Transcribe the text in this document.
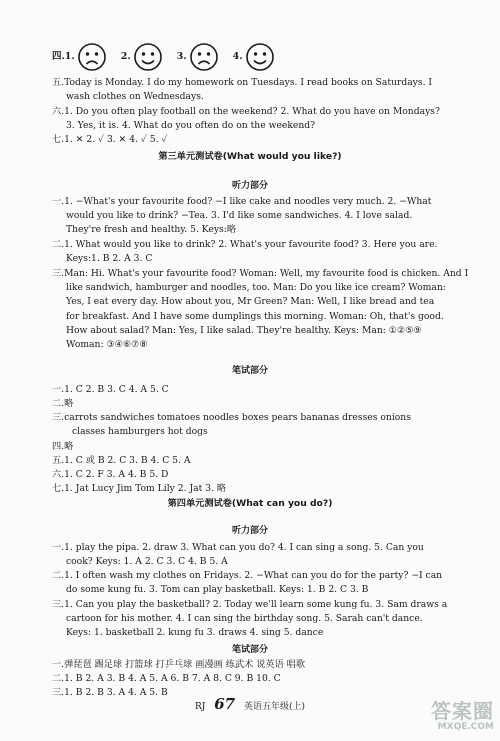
四.1.	2.	3.	4.
五.Today is Monday. I do my homework on Tuesdays. I read books on Saturdays. I
wash clothes on Wednesdays.
六.1. Do you often play football on the weekend? 2. What do you have on Mondays?
3. Yes, it is. 4. What do you often do on the weekend?
七.1. ✕ 2. ✓ 3. ✕ 4. ✓ 5. ✓
第三单元测试卷(What would you like?)
听力部分
一.1. −What's your favourite food? −I like cake and noodles very much. 2. −What
would you like to drink? −Tea. 3. I'd like some sandwiches. 4. I love salad.
They're fresh and healthy. 5. Keys:略
二.1. What would you like to drink? 2. What's your favourite food? 3. Here you are.
Keys:1. B 2. A 3. C
三.Man: Hi. What's your favourite food? Woman: Well, my favourite food is chicken. And I
like sandwich, hamburger and noodles, too. Man: Do you like ice cream? Woman:
Yes, I eat every day. How about you, Mr Green? Man: Well, I like bread and tea
for breakfast. And I have some dumplings this morning. Woman: Oh, that's good.
How about salad? Man: Yes, I like salad. They're healthy. Keys: Man: ①②⑤⑨
Woman: ③④⑥⑦⑧
笔试部分
一.1. C 2. B 3. C 4. A 5. C
二.略
三.carrots sandwiches tomatoes noodles boxes pears bananas dresses onions
classes hamburgers hot dogs
四.略
五.1. C 或 B 2. C 3. B 4. C 5. A
六.1. C 2. F 3. A 4. B 5. D
七.1. Jat Lucy Jim Tom Lily 2. Jat 3. 略
第四单元测试卷(What can you do?)
听力部分
一.1. play the pipa. 2. draw 3. What can you do? 4. I can sing a song. 5. Can you
cook? Keys: 1. A 2. C 3. C 4. B 5. A
二.1. I often wash my clothes on Fridays. 2. −What can you do for the party? −I can
do some kung fu. 3. Tom can play basketball. Keys: 1. B 2. C 3. B
三.1. Can you play the basketball? 2. Today we'll learn some kung fu. 3. Sam draws a
cartoon for his mother. 4. I can sing the birthday song. 5. Sarah can't dance.
Keys: 1. basketball 2. kung fu 3. draws 4. sing 5. dance
笔试部分
一.弹琵琶 踢足球 打篮球 打乒乓球 画漫画 练武术 说英语 唱歌
二.1. B 2. A 3. B 4. A 5. A 6. B 7. A 8. C 9. B 10. C
三.1. B 2. B 3. A 4. A 5. B
RJ 67 英语五年级(上)	答案圈
MXQE.COM
